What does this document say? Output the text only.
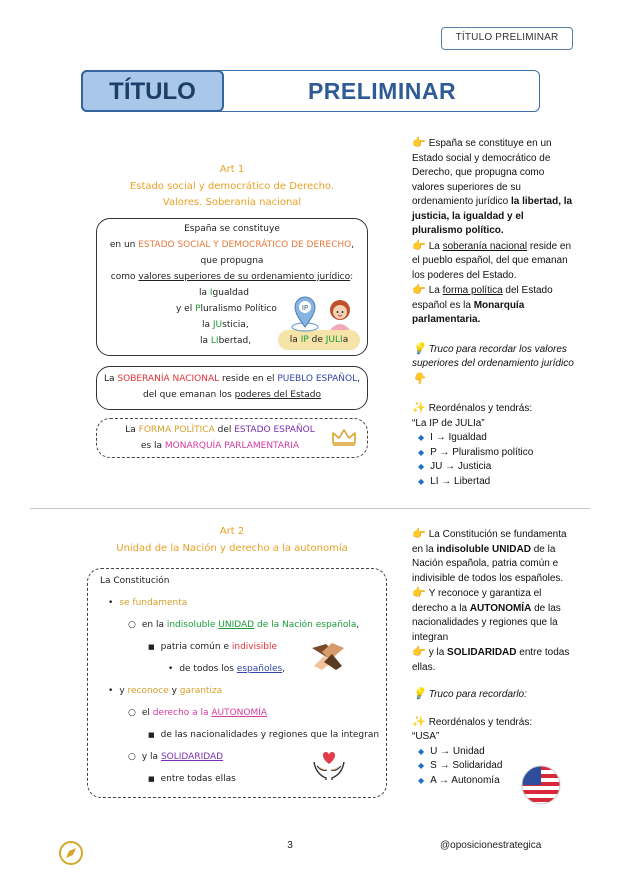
TÍTULO PRELIMINAR
TÍTULO	PRELIMINAR
Art 1
Estado social y democrático de Derecho.
Valores. Soberanía nacional
España se constituye
en un ESTADO SOCIAL Y DEMOCRÁTICO DE DERECHO,
que propugna
como valores superiores de su ordenamiento jurídico:
la Igualdad
y el Pluralismo Político
la JUsticia,
la LIbertad,	la IP de JULIa
IP
La SOBERANÍA NACIONAL reside en el PUEBLO ESPAÑOL,
del que emanan los poderes del Estado
La FORMA POLÍTICA del ESTADO ESPAÑOL
es la MONARQUÍA PARLAMENTARIA

👉 España se constituye en un Estado social y democrático de Derecho, que propugna como valores superiores de su ordenamiento jurídico la libertad, la justicia, la igualdad y el pluralismo político.

👉 La soberanía nacional reside en el pueblo español, del que emanan los poderes del Estado.

👉 La forma política del Estado español es la Monarquía parlamentaria.

💡 Truco para recordar los valores superiores del ordenamiento jurídico 👇

✨ Reordénalos y tendrás:

“La IP de JULIa”

◆ I → Igualdad

◆ P → Pluralismo político

◆ JU → Justicia

◆ LI → Libertad

Art 2
Unidad de la Nación y derecho a la autonomía
La Constitución
• se fundamenta
○ en la indisoluble UNIDAD de la Nación española,
■ patria común e indivisible
• de todos los españoles,
• y reconoce y garantiza
○ el derecho a la AUTONOMÍA
■ de las nacionalidades y regiones que la integran
○ y la SOLIDARIDAD
■ entre todas ellas

👉 La Constitución se fundamenta en la indisoluble UNIDAD de la Nación española, patria común e indivisible de todos los españoles.

👉 Y reconoce y garantiza el derecho a la AUTONOMÍA de las nacionalidades y regiones que la integran

👉 y la SOLIDARIDAD entre todas ellas.

💡 Truco para recordarlo:

✨ Reordénalos y tendrás:

“USA”

◆ U → Unidad

◆ S → Solidaridad

◆ A → Autonomía

3	@oposicionestrategica
